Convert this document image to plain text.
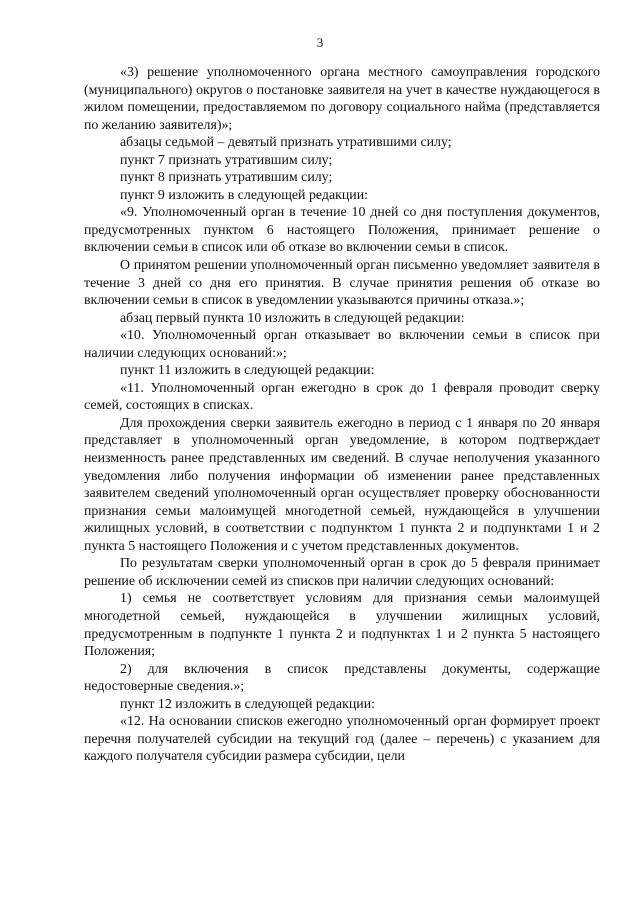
3

«3) решение уполномоченного органа местного самоуправления городского (муниципального) округов о постановке заявителя на учет в качестве нуждающегося в жилом помещении, предоставляемом по договору социального найма (представляется по желанию заявителя)»;

абзацы седьмой – девятый признать утратившими силу;

пункт 7 признать утратившим силу;

пункт 8 признать утратившим силу;

пункт 9 изложить в следующей редакции:

«9. Уполномоченный орган в течение 10 дней со дня поступления документов, предусмотренных пунктом 6 настоящего Положения, принимает решение о включении семьи в список или об отказе во включении семьи в список.

О принятом решении уполномоченный орган письменно уведомляет заявителя в течение 3 дней со дня его принятия. В случае принятия решения об отказе во включении семьи в список в уведомлении указываются причины отказа.»;

абзац первый пункта 10 изложить в следующей редакции:

«10. Уполномоченный орган отказывает во включении семьи в список при наличии следующих оснований:»;

пункт 11 изложить в следующей редакции:

«11. Уполномоченный орган ежегодно в срок до 1 февраля проводит сверку семей, состоящих в списках.

Для прохождения сверки заявитель ежегодно в период с 1 января по 20 января представляет в уполномоченный орган уведомление, в котором подтверждает неизменность ранее представленных им сведений. В случае неполучения указанного уведомления либо получения информации об изменении ранее представленных заявителем сведений уполномоченный орган осуществляет проверку обоснованности признания семьи малоимущей многодетной семьей, нуждающейся в улучшении жилищных условий, в соответствии с подпунктом 1 пункта 2 и подпунктами 1 и 2 пункта 5 настоящего Положения и с учетом представленных документов.

По результатам сверки уполномоченный орган в срок до 5 февраля принимает решение об исключении семей из списков при наличии следующих оснований:

1) семья не соответствует условиям для признания семьи малоимущей многодетной семьей, нуждающейся в улучшении жилищных условий, предусмотренным в подпункте 1 пункта 2 и подпунктах 1 и 2 пункта 5 настоящего Положения;

2) для включения в список представлены документы, содержащие недостоверные сведения.»;

пункт 12 изложить в следующей редакции:

«12. На основании списков ежегодно уполномоченный орган формирует проект перечня получателей субсидии на текущий год (далее – перечень) с указанием для каждого получателя субсидии размера субсидии, цели
